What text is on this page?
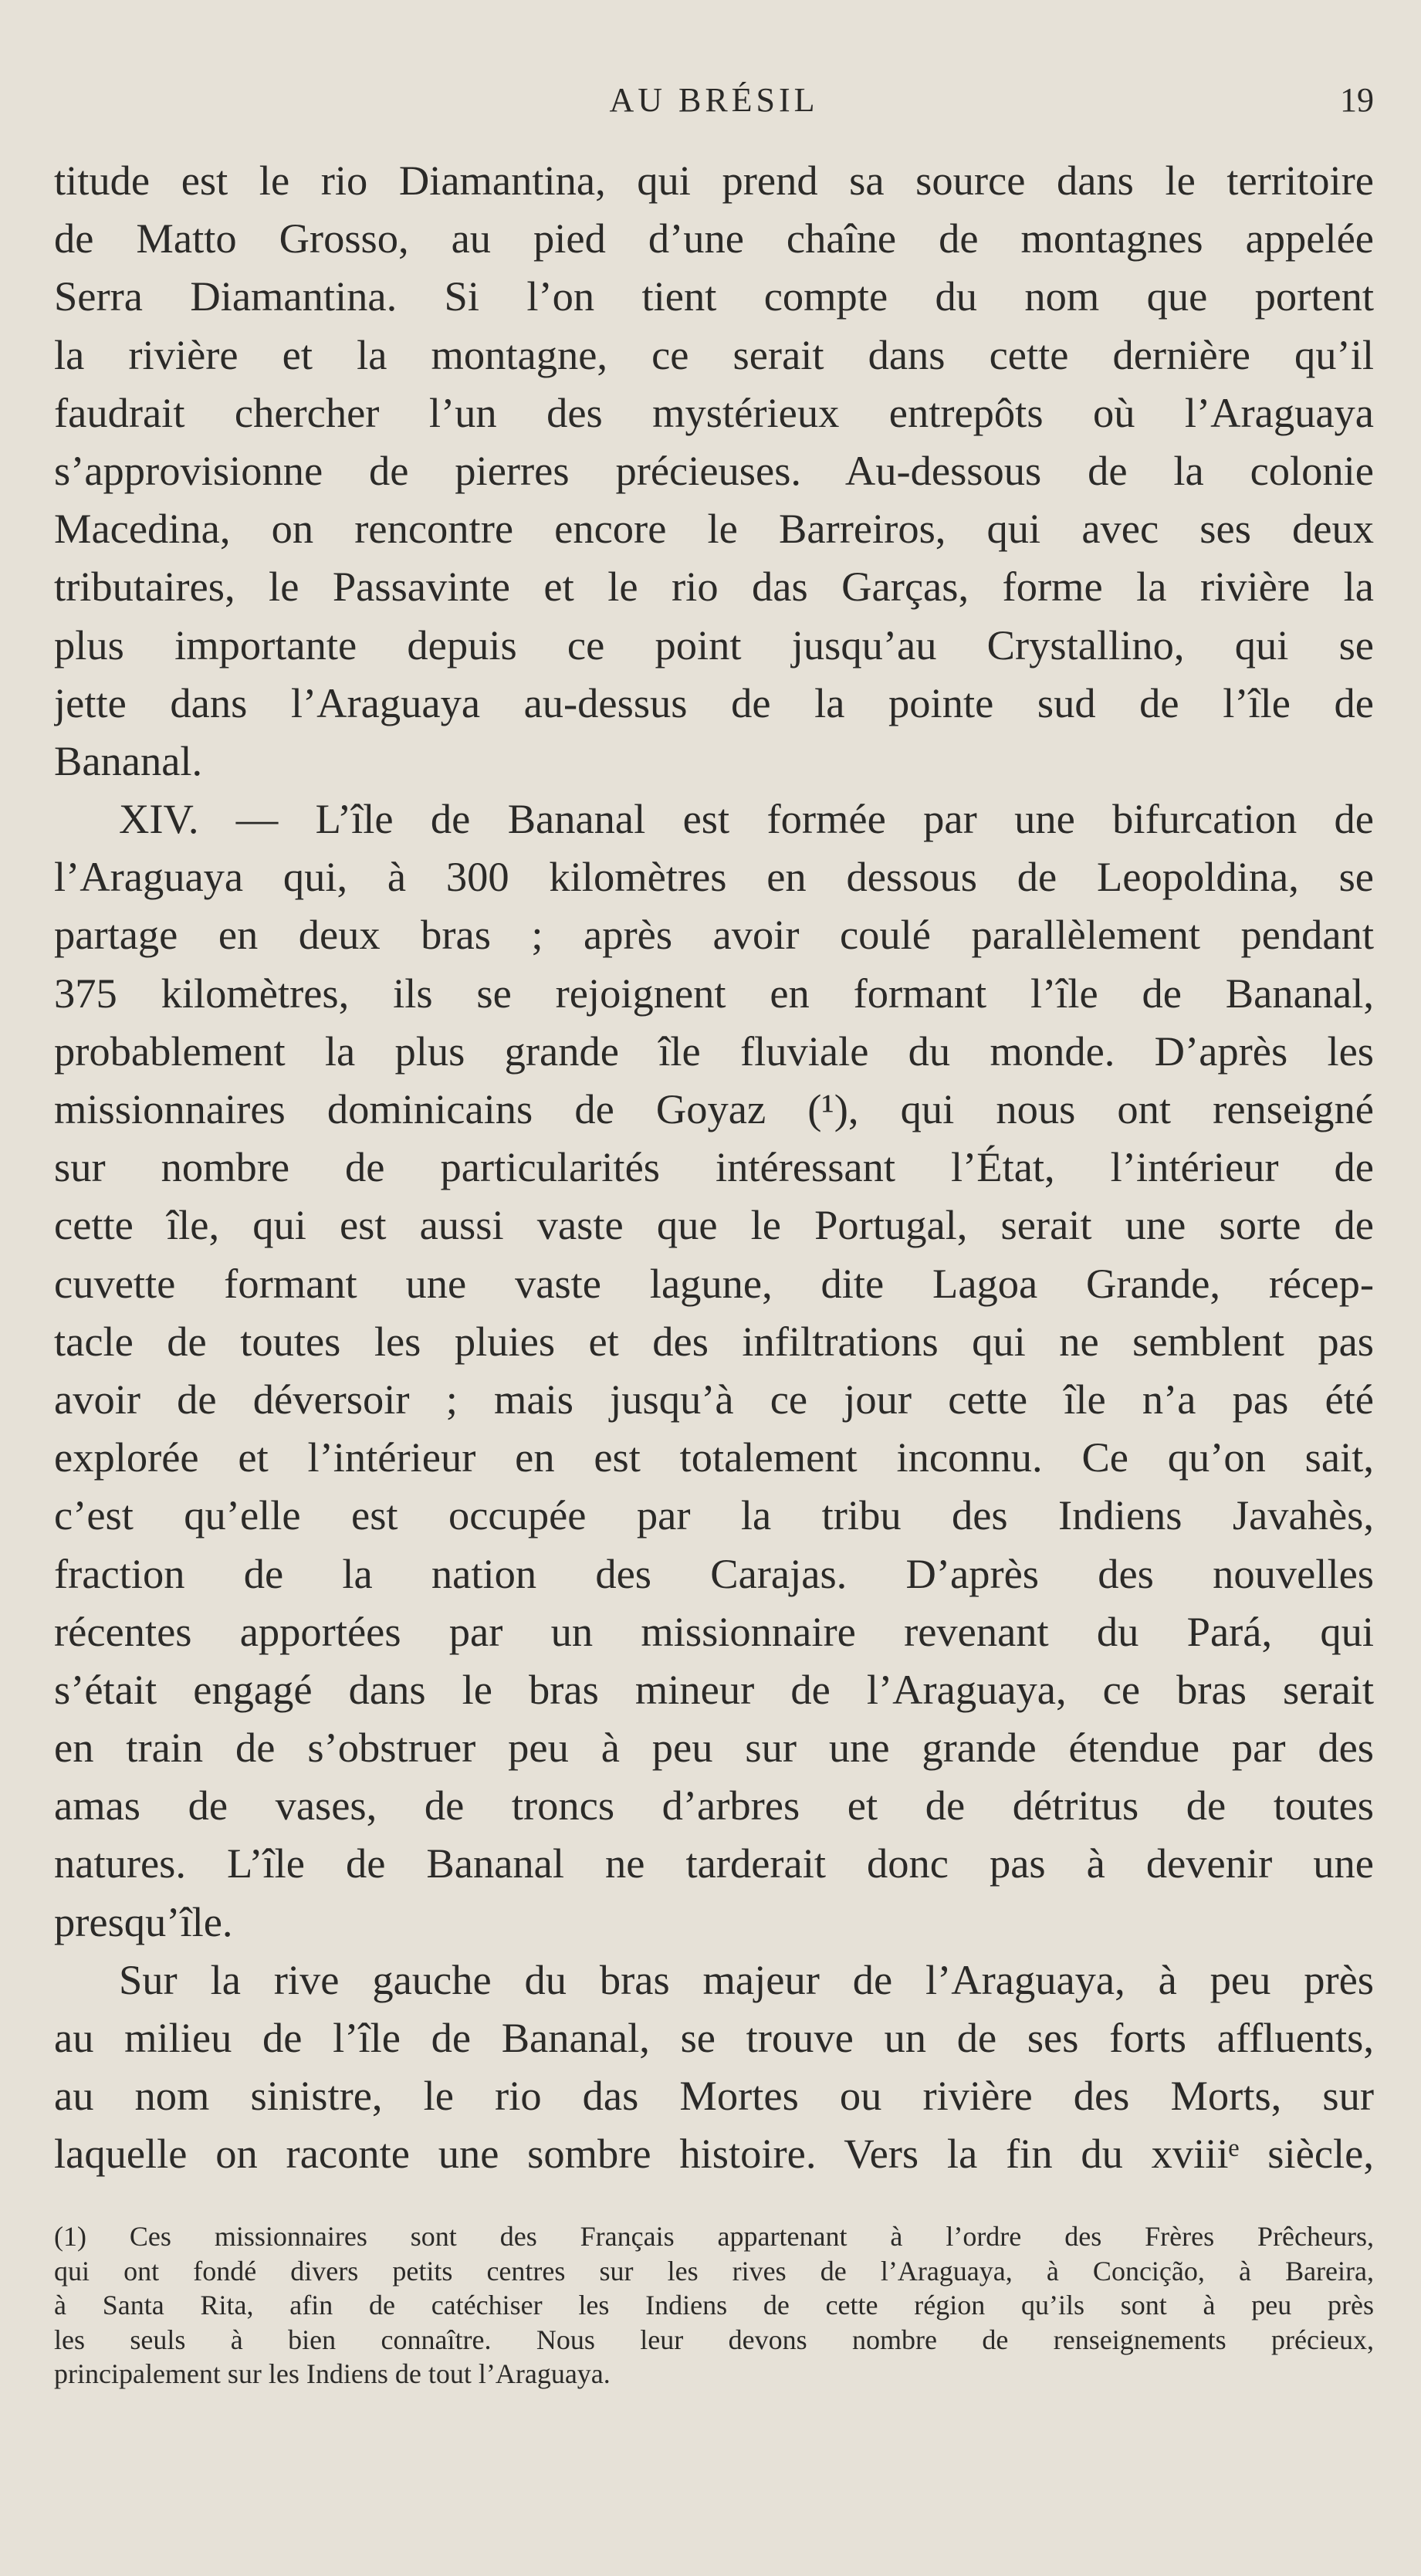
AU BRÉSIL	19
titude est le rio Diamantina, qui prend sa source dans le territoire
de Matto Grosso, au pied d’une chaîne de montagnes appelée
Serra Diamantina. Si l’on tient compte du nom que portent
la rivière et la montagne, ce serait dans cette dernière qu’il
faudrait chercher l’un des mystérieux entrepôts où l’Araguaya
s’approvisionne de pierres précieuses. Au-dessous de la colonie
Macedina, on rencontre encore le Barreiros, qui avec ses deux
tributaires, le Passavinte et le rio das Garças, forme la rivière la
plus importante depuis ce point jusqu’au Crystallino, qui se
jette dans l’Araguaya au-dessus de la pointe sud de l’île de
Bananal.
XIV. — L’île de Bananal est formée par une bifurcation de
l’Araguaya qui, à 300 kilomètres en dessous de Leopoldina, se
partage en deux bras ; après avoir coulé parallèlement pendant
375 kilomètres, ils se rejoignent en formant l’île de Bananal,
probablement la plus grande île fluviale du monde. D’après les
missionnaires dominicains de Goyaz (¹), qui nous ont renseigné
sur nombre de particularités intéressant l’État, l’intérieur de
cette île, qui est aussi vaste que le Portugal, serait une sorte de
cuvette formant une vaste lagune, dite Lagoa Grande, récep-
tacle de toutes les pluies et des infiltrations qui ne semblent pas
avoir de déversoir ; mais jusqu’à ce jour cette île n’a pas été
explorée et l’intérieur en est totalement inconnu. Ce qu’on sait,
c’est qu’elle est occupée par la tribu des Indiens Javahès,
fraction de la nation des Carajas. D’après des nouvelles
récentes apportées par un missionnaire revenant du Pará, qui
s’était engagé dans le bras mineur de l’Araguaya, ce bras serait
en train de s’obstruer peu à peu sur une grande étendue par des
amas de vases, de troncs d’arbres et de détritus de toutes
natures. L’île de Bananal ne tarderait donc pas à devenir une
presqu’île.
Sur la rive gauche du bras majeur de l’Araguaya, à peu près
au milieu de l’île de Bananal, se trouve un de ses forts affluents,
au nom sinistre, le rio das Mortes ou rivière des Morts, sur
laquelle on raconte une sombre histoire. Vers la fin du xviiiᵉ siècle,
(1) Ces missionnaires sont des Français appartenant à l’ordre des Frères Prêcheurs,
qui ont fondé divers petits centres sur les rives de l’Araguaya, à Concição, à Bareira,
à Santa Rita, afin de catéchiser les Indiens de cette région qu’ils sont à peu près
les seuls à bien connaître. Nous leur devons nombre de renseignements précieux,
principalement sur les Indiens de tout l’Araguaya.
